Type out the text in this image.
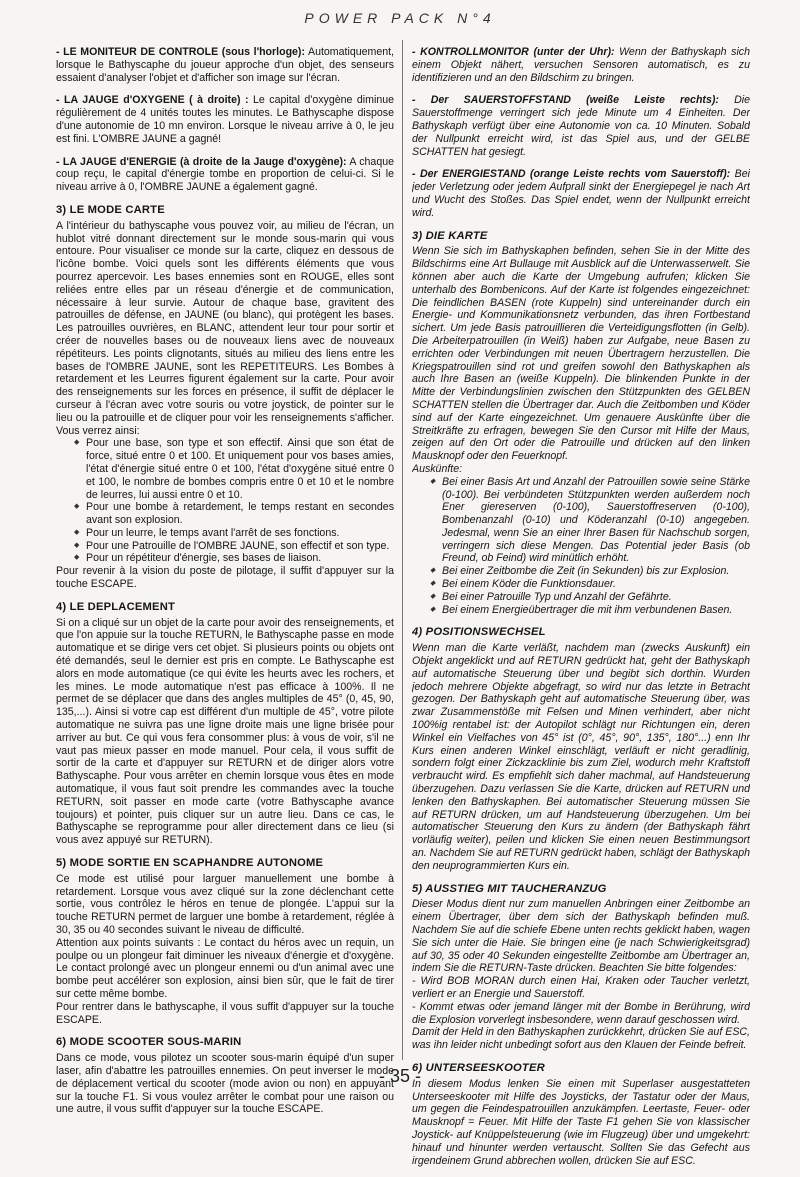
POWER PACK N°4

- LE MONITEUR DE CONTROLE (sous l'horloge): Automatiquement, lorsque le Bathyscaphe du joueur approche d'un objet, des senseurs essaient d'analyser l'objet et d'afficher son image sur l'écran.

- LA JAUGE d'OXYGENE ( à droite) : Le capital d'oxygène diminue régulièrement de 4 unités toutes les minutes. Le Bathyscaphe dispose d'une autonomie de 10 mn environ. Lorsque le niveau arrive à 0, le jeu est fini. L'OMBRE JAUNE a gagné!

- LA JAUGE d'ENERGIE (à droite de la Jauge d'oxygène): A chaque coup reçu, le capital d'énergie tombe en proportion de celui-ci. Si le niveau arrive à 0, l'OMBRE JAUNE a également gagné.

3) LE MODE CARTE

A l'intérieur du bathyscaphe vous pouvez voir, au milieu de l'écran, un hublot vitré donnant directement sur le monde sous-marin qui vous entoure. Pour visualiser ce monde sur la carte, cliquez en dessous de l'icône bombe. Voici quels sont les différents éléments que vous pourrez apercevoir. Les bases ennemies sont en ROUGE, elles sont reliées entre elles par un réseau d'énergie et de communication, nécessaire à leur survie. Autour de chaque base, gravitent des patrouilles de défense, en JAUNE (ou blanc), qui protègent les bases. Les patrouilles ouvrières, en BLANC, attendent leur tour pour sortir et créer de nouvelles bases ou de nouveaux liens avec de nouveaux répétiteurs. Les points clignotants, situés au milieu des liens entre les bases de l'OMBRE JAUNE, sont les REPETITEURS. Les Bombes à retardement et les Leurres figurent également sur la carte. Pour avoir des renseignements sur les forces en présence, il suffit de déplacer le curseur à l'écran avec votre souris ou votre joystick, de pointer sur le lieu ou la patrouille et de cliquer pour voir les renseignements s'afficher. Vous verrez ainsi:

◆ Pour une base, son type et son effectif. Ainsi que son état de force, situé entre 0 et 100. Et uniquement pour vos bases amies, l'état d'énergie situé entre 0 et 100, l'état d'oxygène situé entre 0 et 100, le nombre de bombes compris entre 0 et 10 et le nombre de leurres, lui aussi entre 0 et 10.
◆ Pour une bombe à retardement, le temps restant en secondes avant son explosion.
◆ Pour un leurre, le temps avant l'arrêt de ses fonctions.
◆ Pour une Patrouille de l'OMBRE JAUNE, son effectif et son type.
◆ Pour un répétiteur d'énergie, ses bases de liaison.

Pour revenir à la vision du poste de pilotage, il suffit d'appuyer sur la touche ESCAPE.

4) LE DEPLACEMENT

Si on a cliqué sur un objet de la carte pour avoir des renseignements, et que l'on appuie sur la touche RETURN, le Bathyscaphe passe en mode automatique et se dirige vers cet objet. Si plusieurs points ou objets ont été demandés, seul le dernier est pris en compte. Le Bathyscaphe est alors en mode automatique (ce qui évite les heurts avec les rochers, et les mines. Le mode automatique n'est pas efficace à 100%. Il ne permet de se déplacer que dans des angles multiples de 45° (0, 45, 90, 135,...). Ainsi si votre cap est différent d'un multiple de 45°, votre pilote automatique ne suivra pas une ligne droite mais une ligne brisée pour arriver au but. Ce qui vous fera consommer plus: à vous de voir, s'il ne vaut pas mieux passer en mode manuel. Pour cela, il vous suffit de sortir de la carte et d'appuyer sur RETURN et de diriger alors votre Bathyscaphe. Pour vous arrêter en chemin lorsque vous êtes en mode automatique, il vous faut soit prendre les commandes avec la touche RETURN, soit passer en mode carte (votre Bathyscaphe avance toujours) et pointer, puis cliquer sur un autre lieu. Dans ce cas, le Bathyscaphe se reprogramme pour aller directement dans ce lieu (si vous avez appuyé sur RETURN).

5) MODE SORTIE EN SCAPHANDRE AUTONOME

Ce mode est utilisé pour larguer manuellement une bombe à retardement. Lorsque vous avez cliqué sur la zone déclenchant cette sortie, vous contrôlez le héros en tenue de plongée. L'appui sur la touche RETURN permet de larguer une bombe à retardement, réglée à 30, 35 ou 40 secondes suivant le niveau de difficulté.

Attention aux points suivants : Le contact du héros avec un requin, un poulpe ou un plongeur fait diminuer les niveaux d'énergie et d'oxygène. Le contact prolongé avec un plongeur ennemi ou d'un animal avec une bombe peut accélérer son explosion, ainsi bien sûr, que le fait de tirer sur cette même bombe.

Pour rentrer dans le bathyscaphe, il vous suffit d'appuyer sur la touche ESCAPE.

6) MODE SCOOTER SOUS-MARIN

Dans ce mode, vous pilotez un scooter sous-marin équipé d'un super laser, afin d'abattre les patrouilles ennemies. On peut inverser le mode de déplacement vertical du scooter (mode avion ou non) en appuyant sur la touche F1. Si vous voulez arrêter le combat pour une raison ou une autre, il vous suffit d'appuyer sur la touche ESCAPE.

- KONTROLLMONITOR (unter der Uhr): Wenn der Bathyskaph sich einem Objekt nähert, versuchen Sensoren automatisch, es zu identifizieren und an den Bildschirm zu bringen.

- Der SAUERSTOFFSTAND (weiße Leiste rechts): Die Sauerstoffmenge verringert sich jede Minute um 4 Einheiten. Der Bathyskaph verfügt über eine Autonomie von ca. 10 Minuten. Sobald der Nullpunkt erreicht wird, ist das Spiel aus, und der GELBE SCHATTEN hat gesiegt.

- Der ENERGIESTAND (orange Leiste rechts vom Sauerstoff): Bei jeder Verletzung oder jedem Aufprall sinkt der Energiepegel je nach Art und Wucht des Stoßes. Das Spiel endet, wenn der Nullpunkt erreicht wird.

3) DIE KARTE

Wenn Sie sich im Bathyskaphen befinden, sehen Sie in der Mitte des Bildschirms eine Art Bullauge mit Ausblick auf die Unterwasserwelt. Sie können aber auch die Karte der Umgebung aufrufen; klicken Sie unterhalb des Bombenicons. Auf der Karte ist folgendes eingezeichnet: Die feindlichen BASEN (rote Kuppeln) sind untereinander durch ein Energie- und Kommunikationsnetz verbunden, das ihren Fortbestand sichert. Um jede Basis patrouillieren die Verteidigungsflotten (in Gelb). Die Arbeiterpatrouillen (in Weiß) haben zur Aufgabe, neue Basen zu errichten oder Verbindungen mit neuen Übertragern herzustellen. Die Kriegspatrouillen sind rot und greifen sowohl den Bathyskaphen als auch Ihre Basen an (weiße Kuppeln). Die blinkenden Punkte in der Mitte der Verbindungslinien zwischen den Stützpunkten des GELBEN SCHATTEN stellen die Übertrager dar. Auch die Zeitbomben und Köder sind auf der Karte eingezeichnet. Um genauere Auskünfte über die Streitkräfte zu erfragen, bewegen Sie den Cursor mit Hilfe der Maus, zeigen auf den Ort oder die Patrouille und drücken auf den linken Mausknopf oder den Feuerknopf.

Auskünfte:

◆ Bei einer Basis Art und Anzahl der Patrouillen sowie seine Stärke (0-100). Bei verbündeten Stützpunkten werden außerdem noch Ener giereserven (0-100), Sauerstoffreserven (0-100), Bombenanzahl (0-10) und Köderanzahl (0-10) angegeben. Jedesmal, wenn Sie an einer Ihrer Basen für Nachschub sorgen, verringern sich diese Mengen. Das Potential jeder Basis (ob Freund, ob Feind) wird minütlich erhöht.
◆ Bei einer Zeitbombe die Zeit (in Sekunden) bis zur Explosion.
◆ Bei einem Köder die Funktionsdauer.
◆ Bei einer Patrouille Typ und Anzahl der Gefährte.
◆ Bei einem Energieübertrager die mit ihm verbundenen Basen.
4) POSITIONSWECHSEL

Wenn man die Karte verläßt, nachdem man (zwecks Auskunft) ein Objekt angeklickt und auf RETURN gedrückt hat, geht der Bathyskaph auf automatische Steuerung über und begibt sich dorthin. Wurden jedoch mehrere Objekte abgefragt, so wird nur das letzte in Betracht gezogen. Der Bathyskaph geht auf automatische Steuerung über, was zwar Zusammenstöße mit Felsen und Minen verhindert, aber nicht 100%ig rentabel ist: der Autopilot schlägt nur Richtungen ein, deren Winkel ein Vielfaches von 45° ist (0°, 45°, 90°, 135°, 180°...) enn Ihr Kurs einen anderen Winkel einschlägt, verläuft er nicht geradlinig, sondern folgt einer Zickzacklinie bis zum Ziel, wodurch mehr Kraftstoff verbraucht wird. Es empfiehlt sich daher machmal, auf Handsteuerung überzugehen. Dazu verlassen Sie die Karte, drücken auf RETURN und lenken den Bathyskaphen. Bei automatischer Steuerung müssen Sie auf RETURN drücken, um auf Handsteuerung überzugehen. Um bei automatischer Steuerung den Kurs zu ändern (der Bathyskaph fährt vorläufig weiter), peilen und klicken Sie einen neuen Bestimmungsort an. Nachdem Sie auf RETURN gedrückt haben, schlägt der Bathyskaph den neuprogrammierten Kurs ein.

5) AUSSTIEG MIT TAUCHERANZUG

Dieser Modus dient nur zum manuellen Anbringen einer Zeitbombe an einem Übertrager, über dem sich der Bathyskaph befinden muß. Nachdem Sie auf die schiefe Ebene unten rechts geklickt haben, wagen Sie sich unter die Haie. Sie bringen eine (je nach Schwierigkeitsgrad) auf 30, 35 oder 40 Sekunden eingestellte Zeitbombe am Übertrager an, indem Sie die RETURN-Taste drücken. Beachten Sie bitte folgendes:

- Wird BOB MORAN durch einen Hai, Kraken oder Taucher verletzt, verliert er an Energie und Sauerstoff.

- Kommt etwas oder jemand länger mit der Bombe in Berührung, wird die Explosion vorverlegt insbesondere, wenn darauf geschossen wird.

Damit der Held in den Bathyskaphen zurückkehrt, drücken Sie auf ESC, was ihn leider nicht unbedingt sofort aus den Klauen der Feinde befreit.

6) UNTERSEESKOOTER

In diesem Modus lenken Sie einen mit Superlaser ausgestatteten Unterseeskooter mit Hilfe des Joysticks, der Tastatur oder der Maus, um gegen die Feindespatrouillen anzukämpfen. Leertaste, Feuer- oder Mausknopf = Feuer. Mit Hilfe der Taste F1 gehen Sie von klassischer Joystick- auf Knüppelsteuerung (wie im Flugzeug) über und umgekehrt: hinauf und hinunter werden vertauscht. Sollten Sie das Gefecht aus irgendeinem Grund abbrechen wollen, drücken Sie auf ESC.

- 35 -
